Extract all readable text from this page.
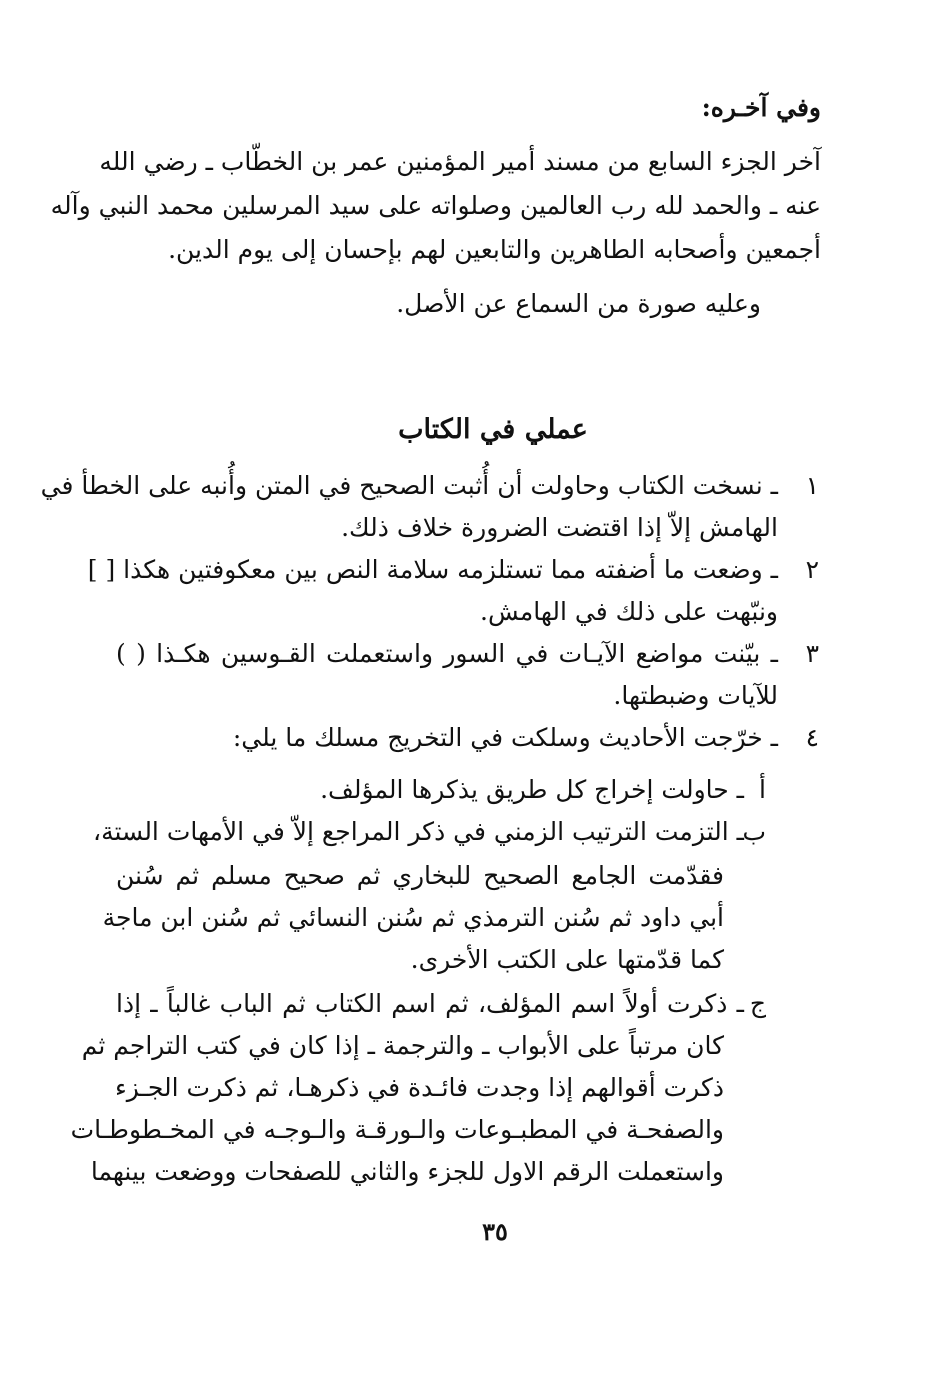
وفي آخـره:
آخر الجزء السابع من مسند أمير المؤمنين عمر بن الخطّاب ـ رضي الله
عنه ـ والحمد لله رب العالمين وصلواته على سيد المرسلين محمد النبي وآله
أجمعين وأصحابه الطاهرين والتابعين لهم بإحسان إلى يوم الدين.
وعليه صورة من السماع عن الأصل.
عملي في الكتاب
١
ـ نسخت الكتاب وحاولت أن أُثبت الصحيح في المتن وأُنبه على الخطأ في
الهامش إلاّ إذا اقتضت الضرورة خلاف ذلك.
٢
ـ وضعت ما أضفته مما تستلزمه سلامة النص بين معكوفتين هكذا [ ]
ونبّهت على ذلك في الهامش.
٣
ـ بيّنت مواضع الآيـات في السور واستعملت القـوسين هكـذا ( )
للآيات وضبطتها.
٤
ـ خرّجت الأحاديث وسلكت في التخريج مسلك ما يلي:
أ
ـ حاولت إخراج كل طريق يذكرها المؤلف.
ب
ـ التزمت الترتيب الزمني في ذكر المراجع إلاّ في الأمهات الستة،
فقدّمت الجامع الصحيح للبخاري ثم صحيح مسلم ثم سُنن
أبي داود ثم سُنن الترمذي ثم سُنن النسائي ثم سُنن ابن ماجة
كما قدّمتها على الكتب الأخرى.
ج
ـ ذكرت أولاً اسم المؤلف، ثم اسم الكتاب ثم الباب غالباً ـ إذا
كان مرتباً على الأبواب ـ والترجمة ـ إذا كان في كتب التراجم ثم
ذكرت أقوالهم إذا وجدت فائـدة في ذكرهـا، ثم ذكرت الجـزء
والصفحـة في المطبـوعات والـورقـة والـوجـه في المخـطوطـات
واستعملت الرقم الاول للجزء والثاني للصفحات ووضعت بينهما
٣٥
